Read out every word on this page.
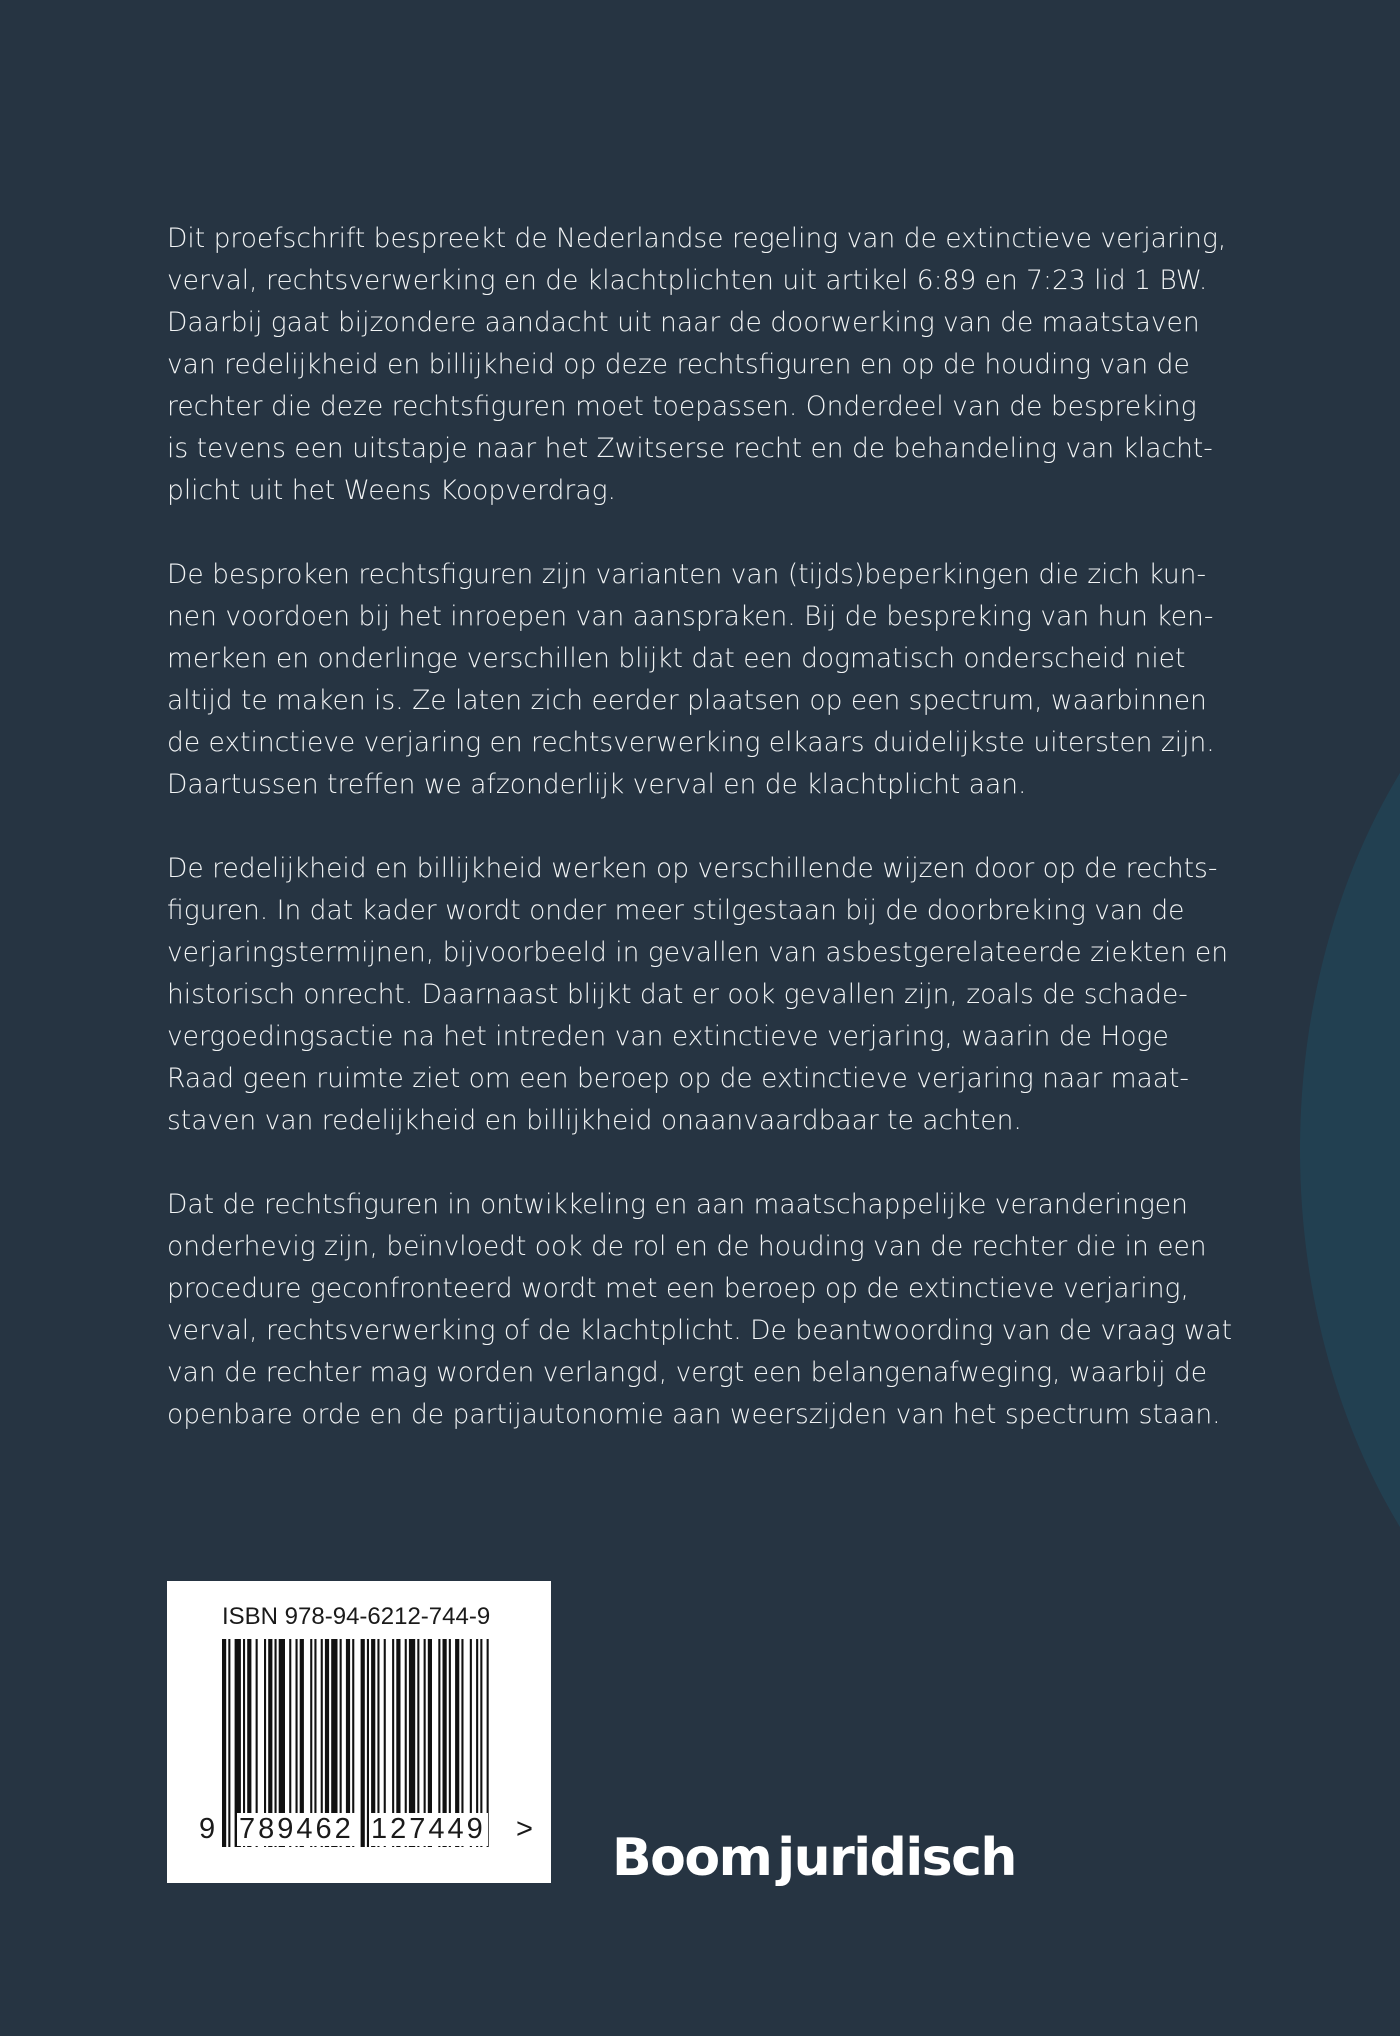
Dit proefschrift bespreekt de Nederlandse regeling van de extinctieve verjaring,
verval, rechtsverwerking en de klachtplichten uit artikel 6:89 en 7:23 lid 1 BW.
Daarbij gaat bijzondere aandacht uit naar de doorwerking van de maatstaven
van redelijkheid en billijkheid op deze rechtsfiguren en op de houding van de
rechter die deze rechtsfiguren moet toepassen. Onderdeel van de bespreking
is tevens een uitstapje naar het Zwitserse recht en de behandeling van klacht-
plicht uit het Weens Koopverdrag.
De besproken rechtsfiguren zijn varianten van (tijds)beperkingen die zich kun-
nen voordoen bij het inroepen van aanspraken. Bij de bespreking van hun ken-
merken en onderlinge verschillen blijkt dat een dogmatisch onderscheid niet
altijd te maken is. Ze laten zich eerder plaatsen op een spectrum, waarbinnen
de extinctieve verjaring en rechtsverwerking elkaars duidelijkste uitersten zijn.
Daartussen treffen we afzonderlijk verval en de klachtplicht aan.
De redelijkheid en billijkheid werken op verschillende wijzen door op de rechts-
figuren. In dat kader wordt onder meer stilgestaan bij de doorbreking van de
verjaringstermijnen, bijvoorbeeld in gevallen van asbestgerelateerde ziekten en
historisch onrecht. Daarnaast blijkt dat er ook gevallen zijn, zoals de schade-
vergoedingsactie na het intreden van extinctieve verjaring, waarin de Hoge
Raad geen ruimte ziet om een beroep op de extinctieve verjaring naar maat-
staven van redelijkheid en billijkheid onaanvaardbaar te achten.
Dat de rechtsfiguren in ontwikkeling en aan maatschappelijke veranderingen
onderhevig zijn, beïnvloedt ook de rol en de houding van de rechter die in een
procedure geconfronteerd wordt met een beroep op de extinctieve verjaring,
verval, rechtsverwerking of de klachtplicht. De beantwoording van de vraag wat
van de rechter mag worden verlangd, vergt een belangenafweging, waarbij de
openbare orde en de partijautonomie aan weerszijden van het spectrum staan.
ISBN 978-94-6212-744-9
9 789462 127449 > Boom juridisch
